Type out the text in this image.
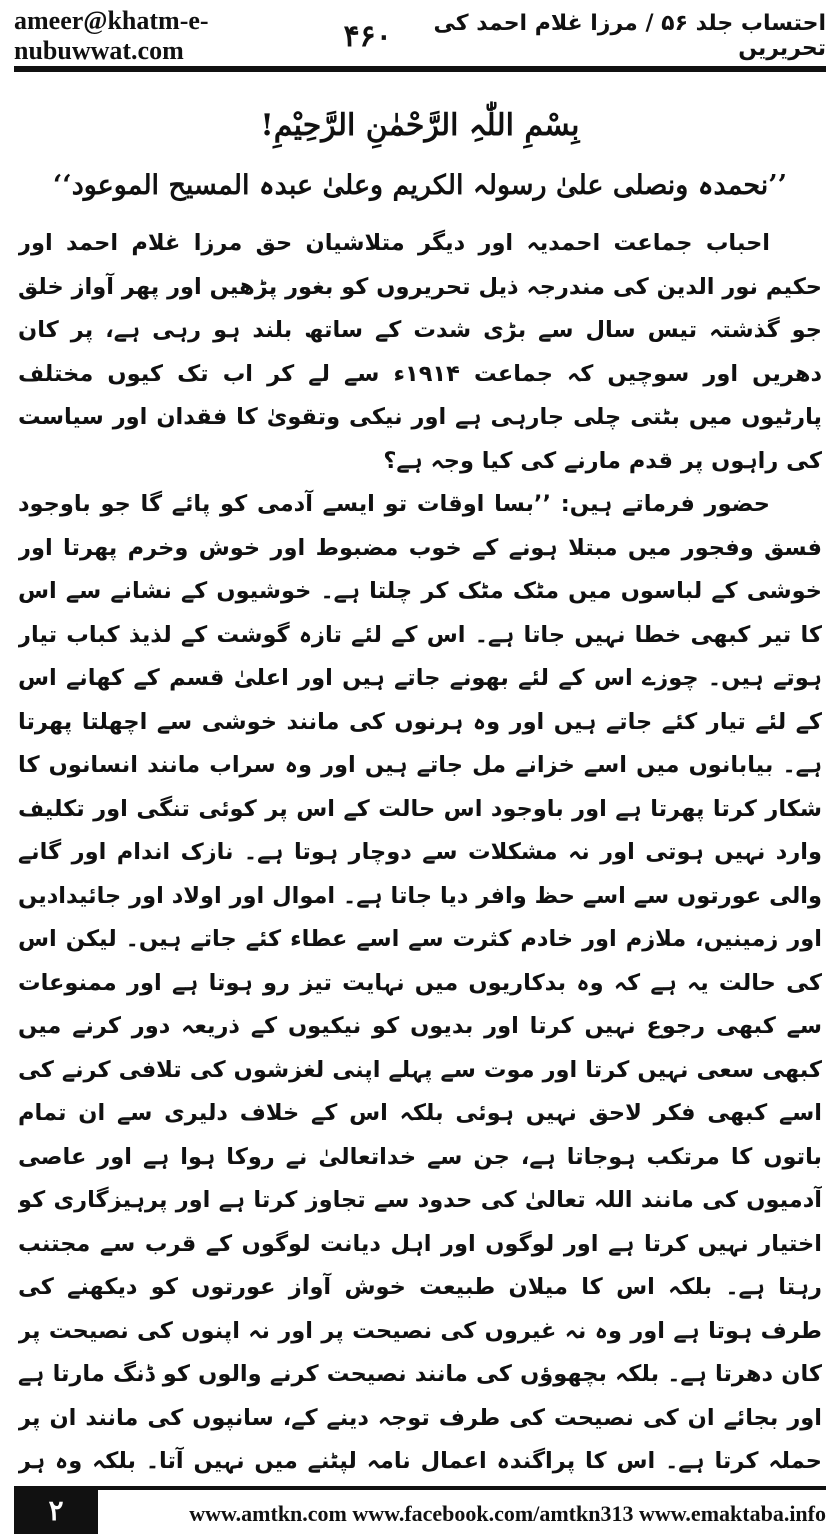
ameer@khatm-e-nubuwwat.com	۴۶۰	احتساب جلد ۵۶ / مرزا غلام احمد کی تحریریں
بِسْمِ اللّٰہِ الرَّحْمٰنِ الرَّحِیْمِ!
’’نحمدہ ونصلی علیٰ رسولہ الکریم وعلیٰ عبدہ المسیح الموعود‘‘

احباب جماعت احمدیہ اور دیگر متلاشیان حق مرزا غلام احمد اور حکیم نور الدین کی مندرجہ ذیل تحریروں کو بغور پڑھیں اور پھر آواز خلق جو گذشتہ تیس سال سے بڑی شدت کے ساتھ بلند ہو رہی ہے، پر کان دھریں اور سوچیں کہ جماعت ۱۹۱۴ء سے لے کر اب تک کیوں مختلف پارٹیوں میں بٹتی چلی جارہی ہے اور نیکی وتقویٰ کا فقدان اور سیاست کی راہوں پر قدم مارنے کی کیا وجہ ہے؟

حضور فرماتے ہیں: ’’بسا اوقات تو ایسے آدمی کو پائے گا جو باوجود فسق وفجور میں مبتلا ہونے کے خوب مضبوط اور خوش وخرم پھرتا اور خوشی کے لباسوں میں مٹک مٹک کر چلتا ہے۔ خوشیوں کے نشانے سے اس کا تیر کبھی خطا نہیں جاتا ہے۔ اس کے لئے تازہ گوشت کے لذیذ کباب تیار ہوتے ہیں۔ چوزے اس کے لئے بھونے جاتے ہیں اور اعلیٰ قسم کے کھانے اس کے لئے تیار کئے جاتے ہیں اور وہ ہرنوں کی مانند خوشی سے اچھلتا پھرتا ہے۔ بیابانوں میں اسے خزانے مل جاتے ہیں اور وہ سراب مانند انسانوں کا شکار کرتا پھرتا ہے اور باوجود اس حالت کے اس پر کوئی تنگی اور تکلیف وارد نہیں ہوتی اور نہ مشکلات سے دوچار ہوتا ہے۔ نازک اندام اور گانے والی عورتوں سے اسے حظ وافر دیا جاتا ہے۔ اموال اور اولاد اور جائیدادیں اور زمینیں، ملازم اور خادم کثرت سے اسے عطاء کئے جاتے ہیں۔ لیکن اس کی حالت یہ ہے کہ وہ بدکاریوں میں نہایت تیز رو ہوتا ہے اور ممنوعات سے کبھی رجوع نہیں کرتا اور بدیوں کو نیکیوں کے ذریعہ دور کرنے میں کبھی سعی نہیں کرتا اور موت سے پہلے اپنی لغزشوں کی تلافی کرنے کی اسے کبھی فکر لاحق نہیں ہوئی بلکہ اس کے خلاف دلیری سے ان تمام باتوں کا مرتکب ہوجاتا ہے، جن سے خداتعالیٰ نے روکا ہوا ہے اور عاصی آدمیوں کی مانند اللہ تعالیٰ کی حدود سے تجاوز کرتا ہے اور پرہیزگاری کو اختیار نہیں کرتا ہے اور لوگوں اور اہل دیانت لوگوں کے قرب سے مجتنب رہتا ہے۔ بلکہ اس کا میلان طبیعت خوش آواز عورتوں کو دیکھنے کی طرف ہوتا ہے اور وہ نہ غیروں کی نصیحت پر اور نہ اپنوں کی نصیحت پر کان دھرتا ہے۔ بلکہ بچھوؤں کی مانند نصیحت کرنے والوں کو ڈنگ مارتا ہے اور بجائے ان کی نصیحت کی طرف توجہ دینے کے، سانپوں کی مانند ان پر حملہ کرتا ہے۔ اس کا پراگندہ اعمال نامہ لپٹنے میں نہیں آتا۔ بلکہ وہ ہر

۲	www.amtkn.com www.facebook.com/amtkn313 www.emaktaba.info
